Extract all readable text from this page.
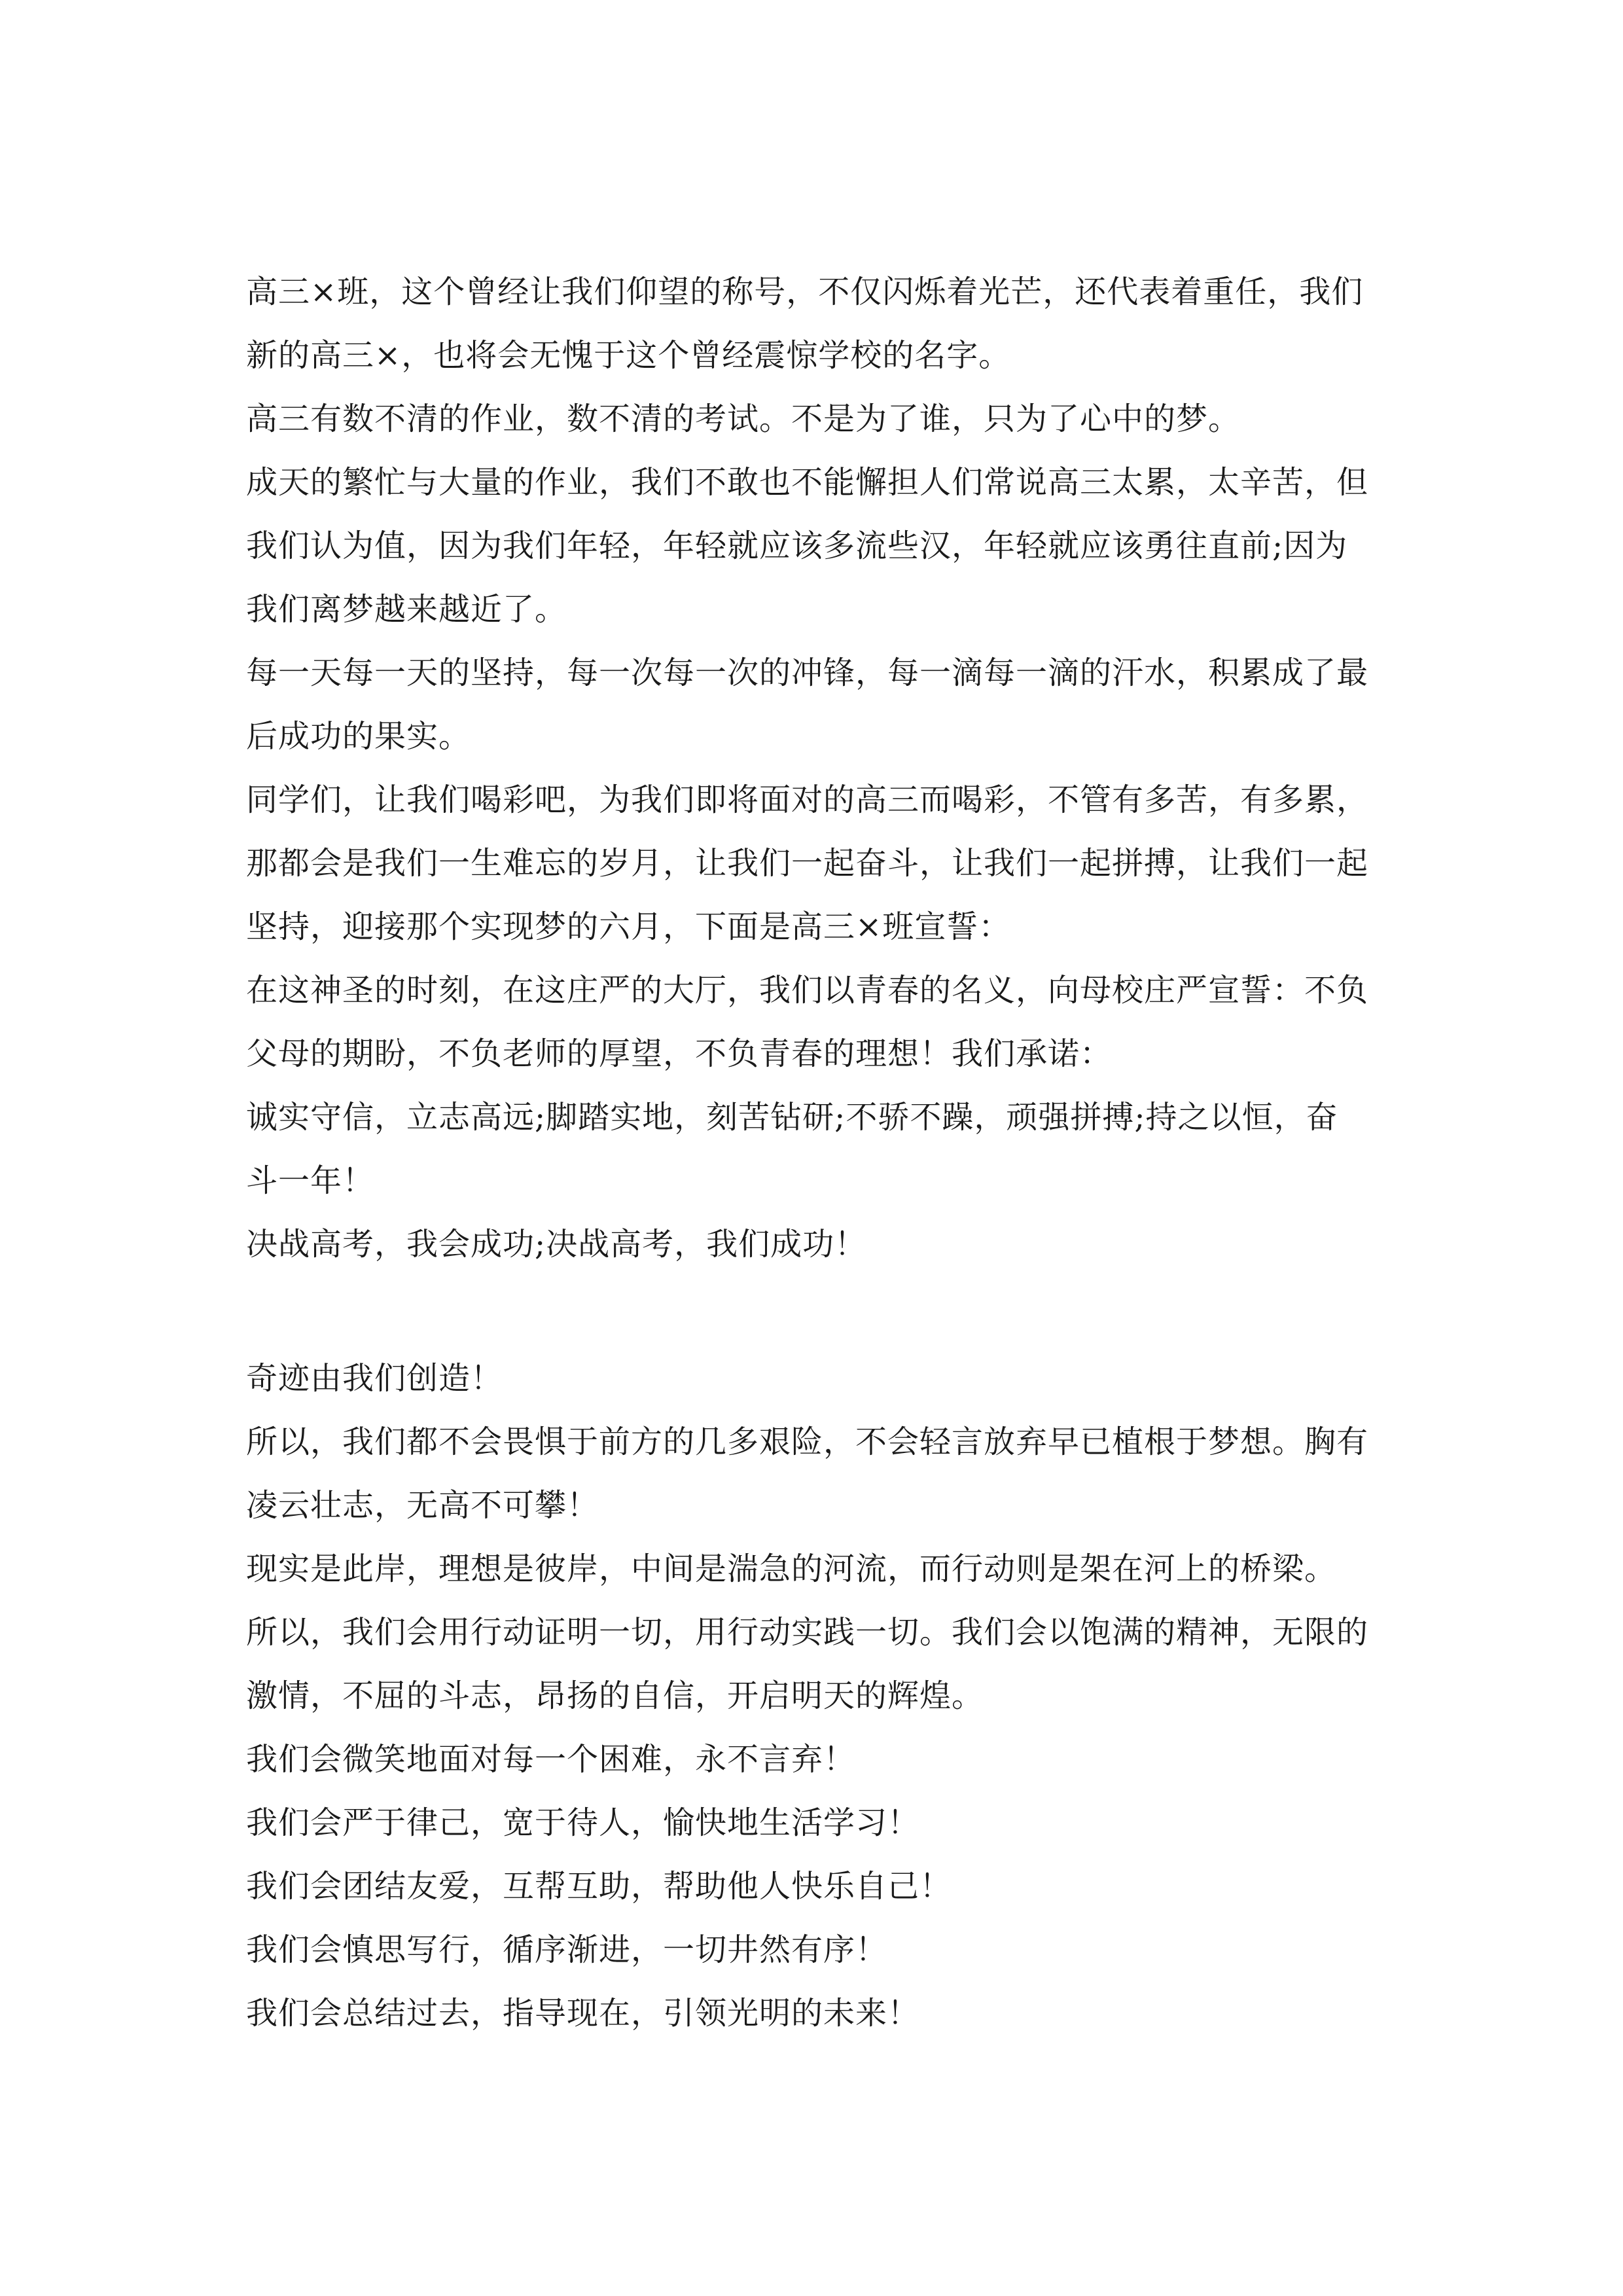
高三×班，这个曾经让我们仰望的称号，不仅闪烁着光芒，还代表着重任，我们
新的高三×，也将会无愧于这个曾经震惊学校的名字。
高三有数不清的作业，数不清的考试。不是为了谁，只为了心中的梦。
成天的繁忙与大量的作业，我们不敢也不能懈担人们常说高三太累，太辛苦，但
我们认为值，因为我们年轻，年轻就应该多流些汉，年轻就应该勇往直前;因为
我们离梦越来越近了。
每一天每一天的坚持，每一次每一次的冲锋，每一滴每一滴的汗水，积累成了最
后成功的果实。
同学们，让我们喝彩吧，为我们即将面对的高三而喝彩，不管有多苦，有多累，
那都会是我们一生难忘的岁月，让我们一起奋斗，让我们一起拼搏，让我们一起
坚持，迎接那个实现梦的六月，下面是高三×班宣誓：
在这神圣的时刻，在这庄严的大厅，我们以青春的名义，向母校庄严宣誓：不负
父母的期盼，不负老师的厚望，不负青春的理想！我们承诺：
诚实守信，立志高远;脚踏实地，刻苦钻研;不骄不躁，顽强拼搏;持之以恒，奋
斗一年！
决战高考，我会成功;决战高考，我们成功！
奇迹由我们创造！
所以，我们都不会畏惧于前方的几多艰险，不会轻言放弃早已植根于梦想。胸有
凌云壮志，无高不可攀！
现实是此岸，理想是彼岸，中间是湍急的河流，而行动则是架在河上的桥梁。
所以，我们会用行动证明一切，用行动实践一切。我们会以饱满的精神，无限的
激情，不屈的斗志，昂扬的自信，开启明天的辉煌。
我们会微笑地面对每一个困难，永不言弃！
我们会严于律己，宽于待人，愉快地生活学习！
我们会团结友爱，互帮互助，帮助他人快乐自己！
我们会慎思写行，循序渐进，一切井然有序！
我们会总结过去，指导现在，引领光明的未来！
